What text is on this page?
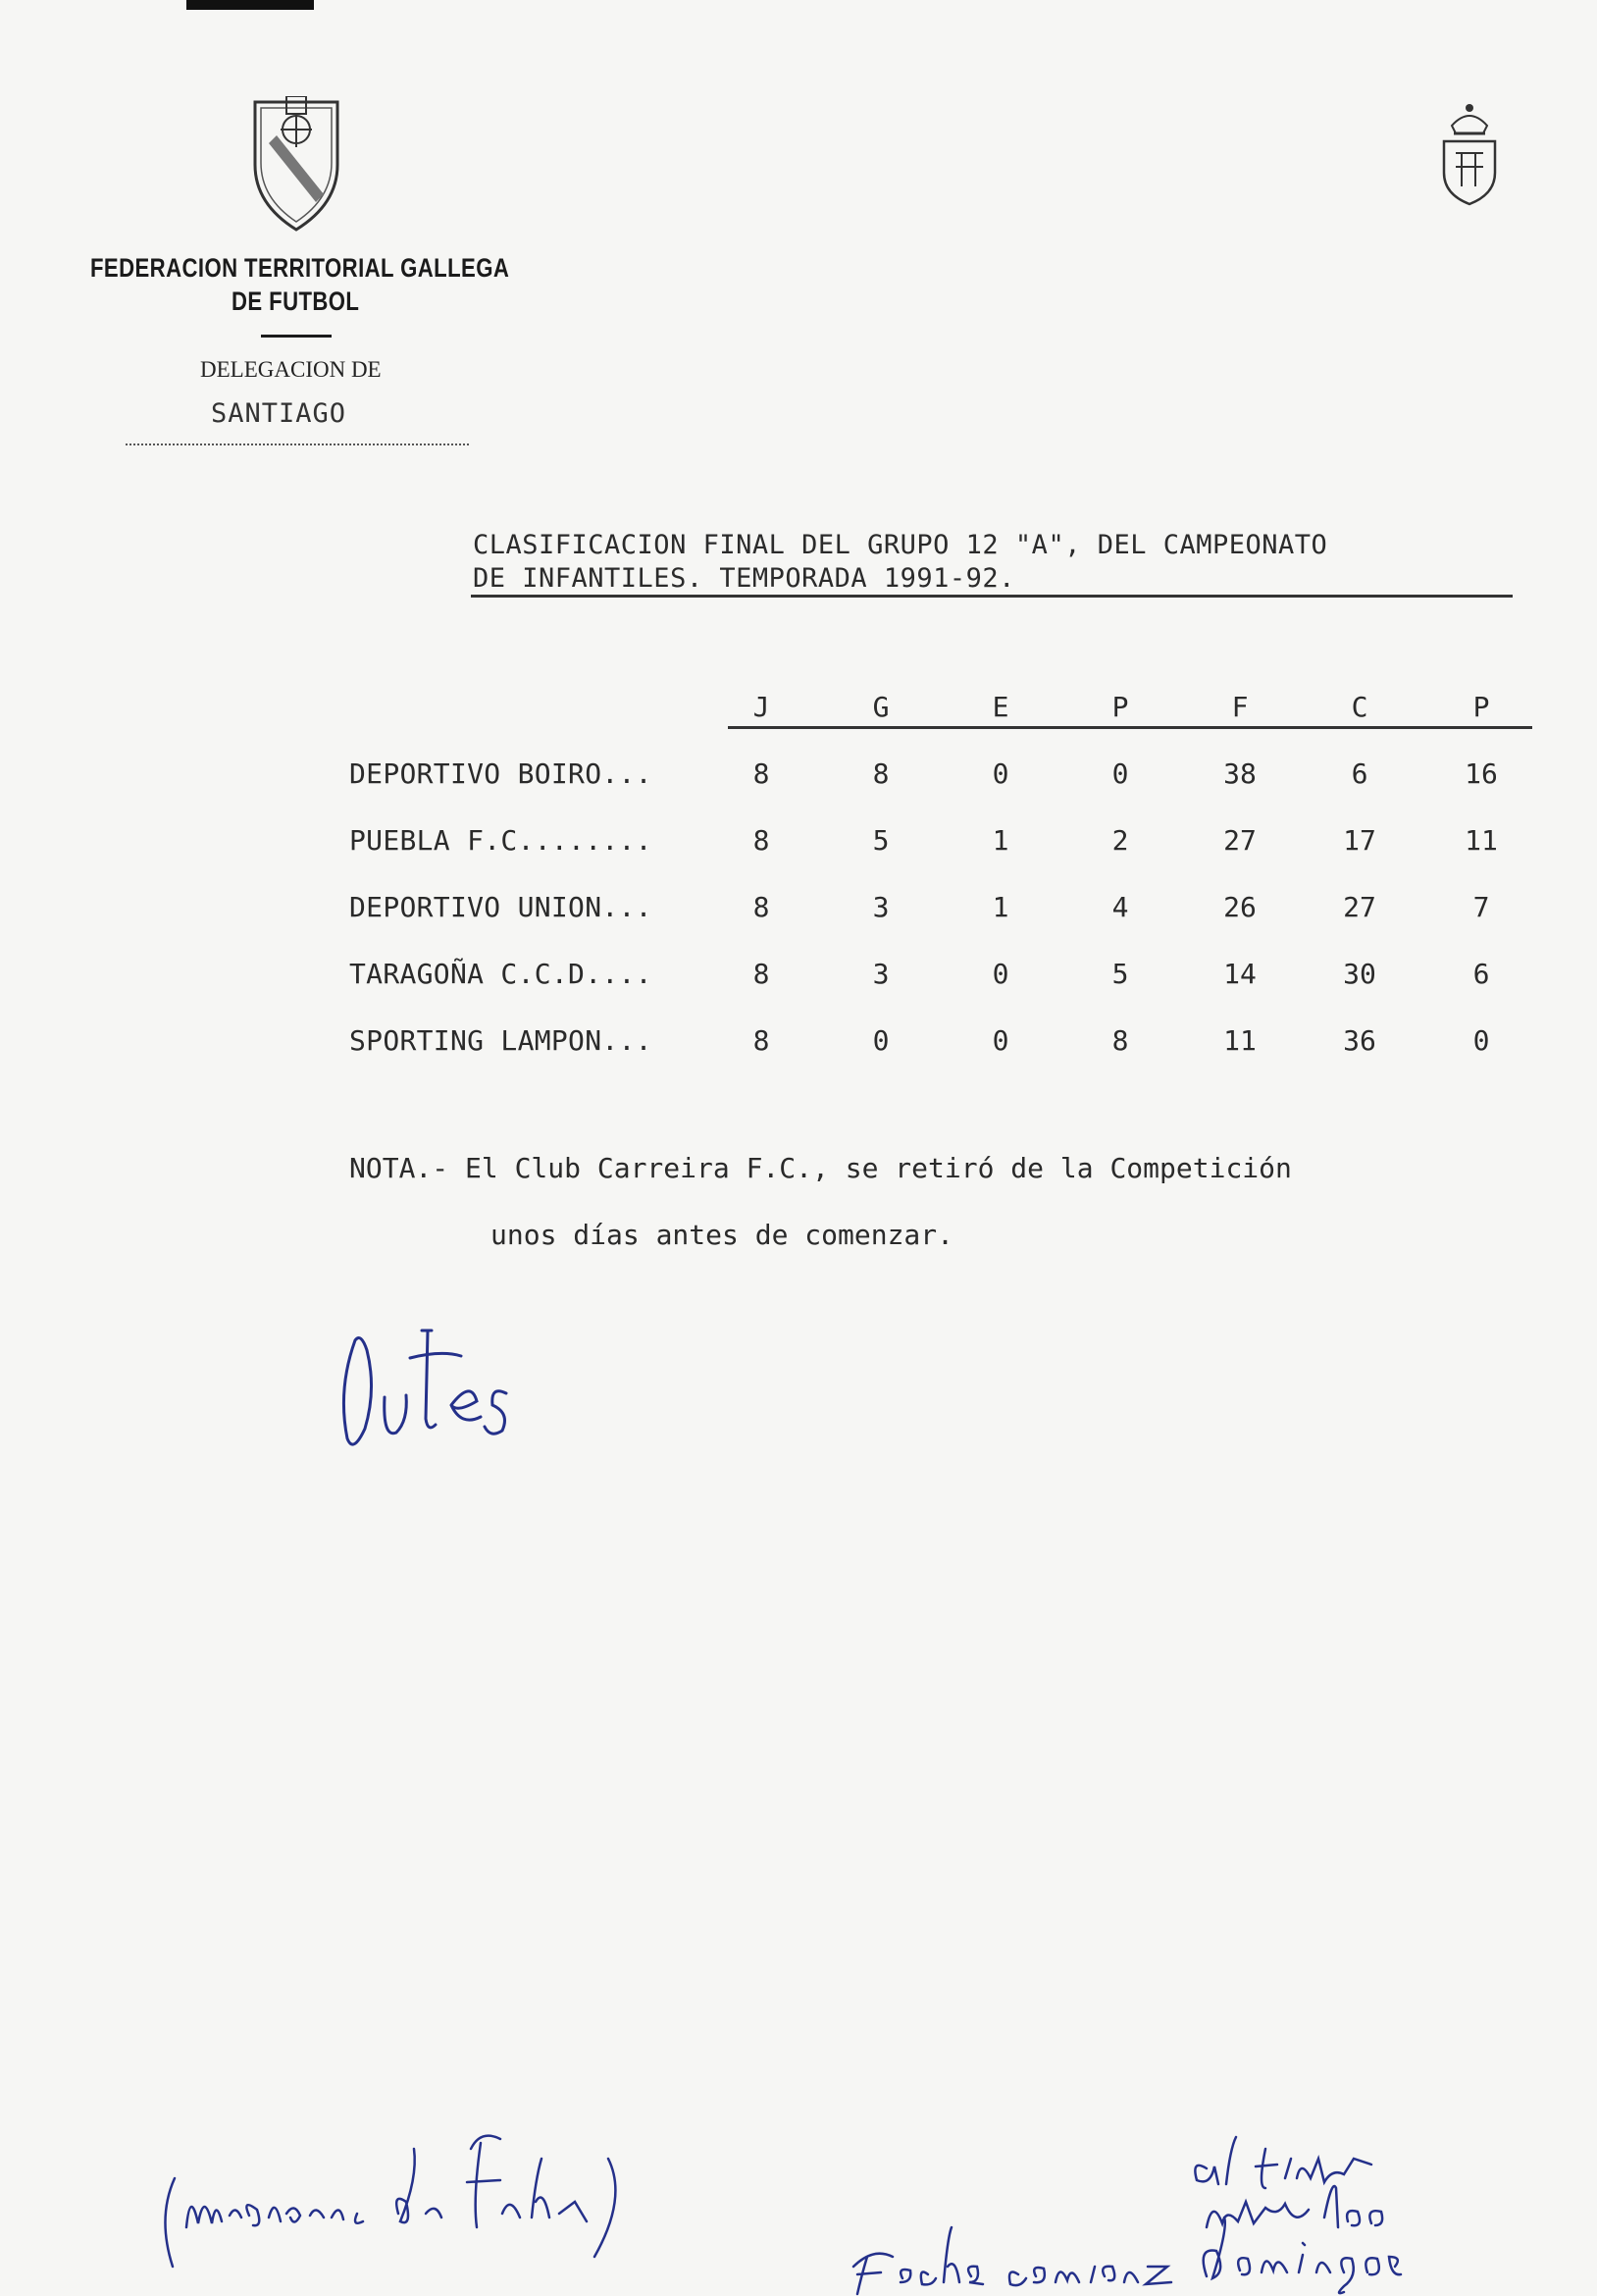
FEDERACION TERRITORIAL GALLEGA
DE FUTBOL
DELEGACION DE
SANTIAGO
CLASIFICACION FINAL DEL GRUPO 12 "A", DEL CAMPEONATO
DE INFANTILES. TEMPORADA 1991-92.
J	G	E	P	F	C	P
DEPORTIVO BOIRO...	8	8	0	0	38	6	16
PUEBLA F.C........	8	5	1	2	27	17	11
DEPORTIVO UNION...	8	3	1	4	26	27	7
TARAGOÑA C.C.D....	8	3	0	5	14	30	6
SPORTING LAMPON...	8	0	0	8	11	36	0
NOTA.- El Club Carreira F.C., se retiró de la Competición
unos días antes de comenzar.
